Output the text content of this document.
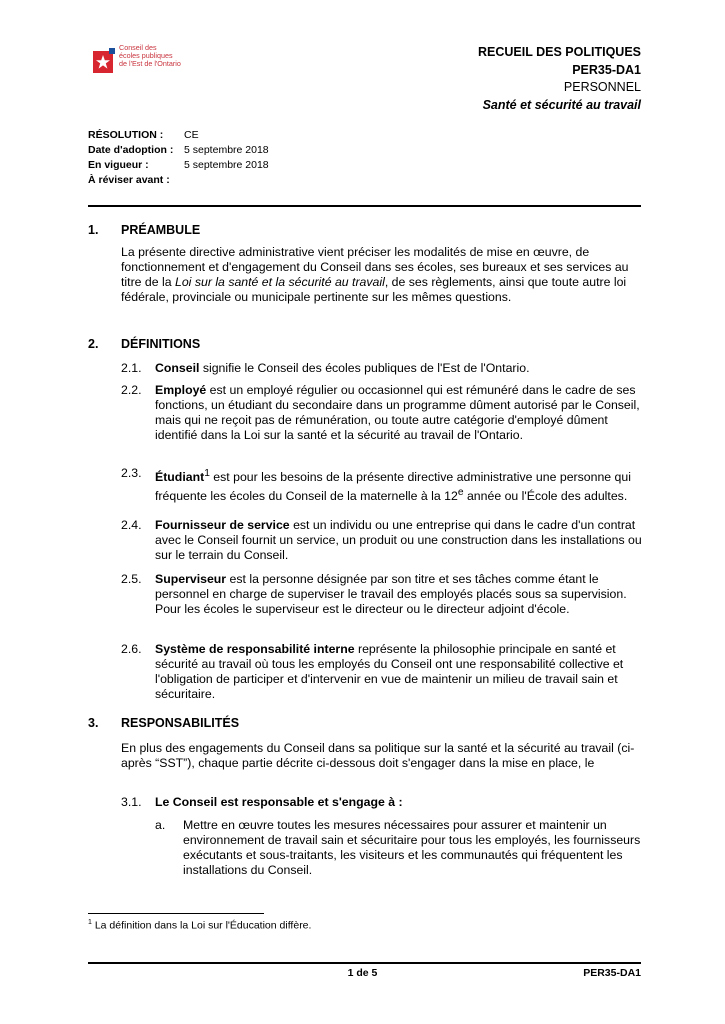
Conseil des
écoles publiques
de l'Est de l'Ontario
RECUEIL DES POLITIQUES
PER35-DA1
PERSONNEL
Santé et sécurité au travail
RÉSOLUTION :	CE
Date d'adoption :	5 septembre 2018
En vigueur :	5 septembre 2018
À réviser avant :
1. PRÉAMBULE
La présente directive administrative vient préciser les modalités de mise en œuvre, de fonctionnement et d'engagement du Conseil dans ses écoles, ses bureaux et ses services au titre de la Loi sur la santé et la sécurité au travail, de ses règlements, ainsi que toute autre loi fédérale, provinciale ou municipale pertinente sur les mêmes questions.
2. DÉFINITIONS
2.1. Conseil signifie le Conseil des écoles publiques de l'Est de l'Ontario.
2.2. Employé est un employé régulier ou occasionnel qui est rémunéré dans le cadre de ses fonctions, un étudiant du secondaire dans un programme dûment autorisé par le Conseil, mais qui ne reçoit pas de rémunération, ou toute autre catégorie d'employé dûment identifié dans la Loi sur la santé et la sécurité au travail de l'Ontario.
2.3. Étudiant$^1$ est pour les besoins de la présente directive administrative une personne qui fréquente les écoles du Conseil de la maternelle à la 12e année ou l'École des adultes.
2.4. Fournisseur de service est un individu ou une entreprise qui dans le cadre d'un contrat avec le Conseil fournit un service, un produit ou une construction dans les installations ou sur le terrain du Conseil.
2.5. Superviseur est la personne désignée par son titre et ses tâches comme étant le personnel en charge de superviser le travail des employés placés sous sa supervision. Pour les écoles le superviseur est le directeur ou le directeur adjoint d'école.
2.6. Système de responsabilité interne représente la philosophie principale en santé et sécurité au travail où tous les employés du Conseil ont une responsabilité collective et l'obligation de participer et d'intervenir en vue de maintenir un milieu de travail sain et sécuritaire.
3. RESPONSABILITÉS
En plus des engagements du Conseil dans sa politique sur la santé et la sécurité au travail (ci-après “SST”), chaque partie décrite ci-dessous doit s'engager dans la mise en place, le
3.1. Le Conseil est responsable et s'engage à :
a. Mettre en œuvre toutes les mesures nécessaires pour assurer et maintenir un environnement de travail sain et sécuritaire pour tous les employés, les fournisseurs exécutants et sous-traitants, les visiteurs et les communautés qui fréquentent les installations du Conseil.
$^1$ La définition dans la Loi sur l'Éducation diffère.
1 de 5	PER35-DA1
